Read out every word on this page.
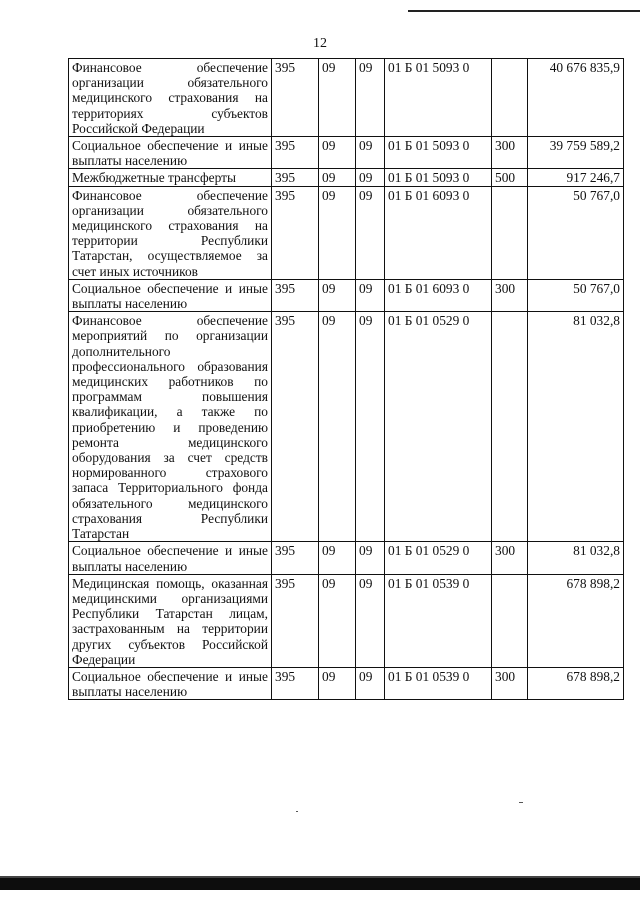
12
Финансовое обеспечение организации обязательного медицинского страхования на территориях субъектов Российской Федерации	395	09	09	01 Б 01 5093 0		40 676 835,9
Социальное обеспечение и иные выплаты населению	395	09	09	01 Б 01 5093 0	300	39 759 589,2
Межбюджетные трансферты	395	09	09	01 Б 01 5093 0	500	917 246,7
Финансовое обеспечение организации обязательного медицинского страхования на территории Республики Татарстан, осуществляемое за счет иных источников	395	09	09	01 Б 01 6093 0		50 767,0
Социальное обеспечение и иные выплаты населению	395	09	09	01 Б 01 6093 0	300	50 767,0
Финансовое обеспечение мероприятий по организации дополнительного профессионального образования медицинских работников по программам повышения квалификации, а также по приобретению и проведению ремонта медицинского оборудования за счет средств нормированного страхового запаса Территориального фонда обязательного медицинского страхования Республики Татарстан	395	09	09	01 Б 01 0529 0		81 032,8
Социальное обеспечение и иные выплаты населению	395	09	09	01 Б 01 0529 0	300	81 032,8
Медицинская помощь, оказанная медицинскими организациями Республики Татарстан лицам, застрахованным на территории других субъектов Российской Федерации	395	09	09	01 Б 01 0539 0		678 898,2
Социальное обеспечение и иные выплаты населению	395	09	09	01 Б 01 0539 0	300	678 898,2
